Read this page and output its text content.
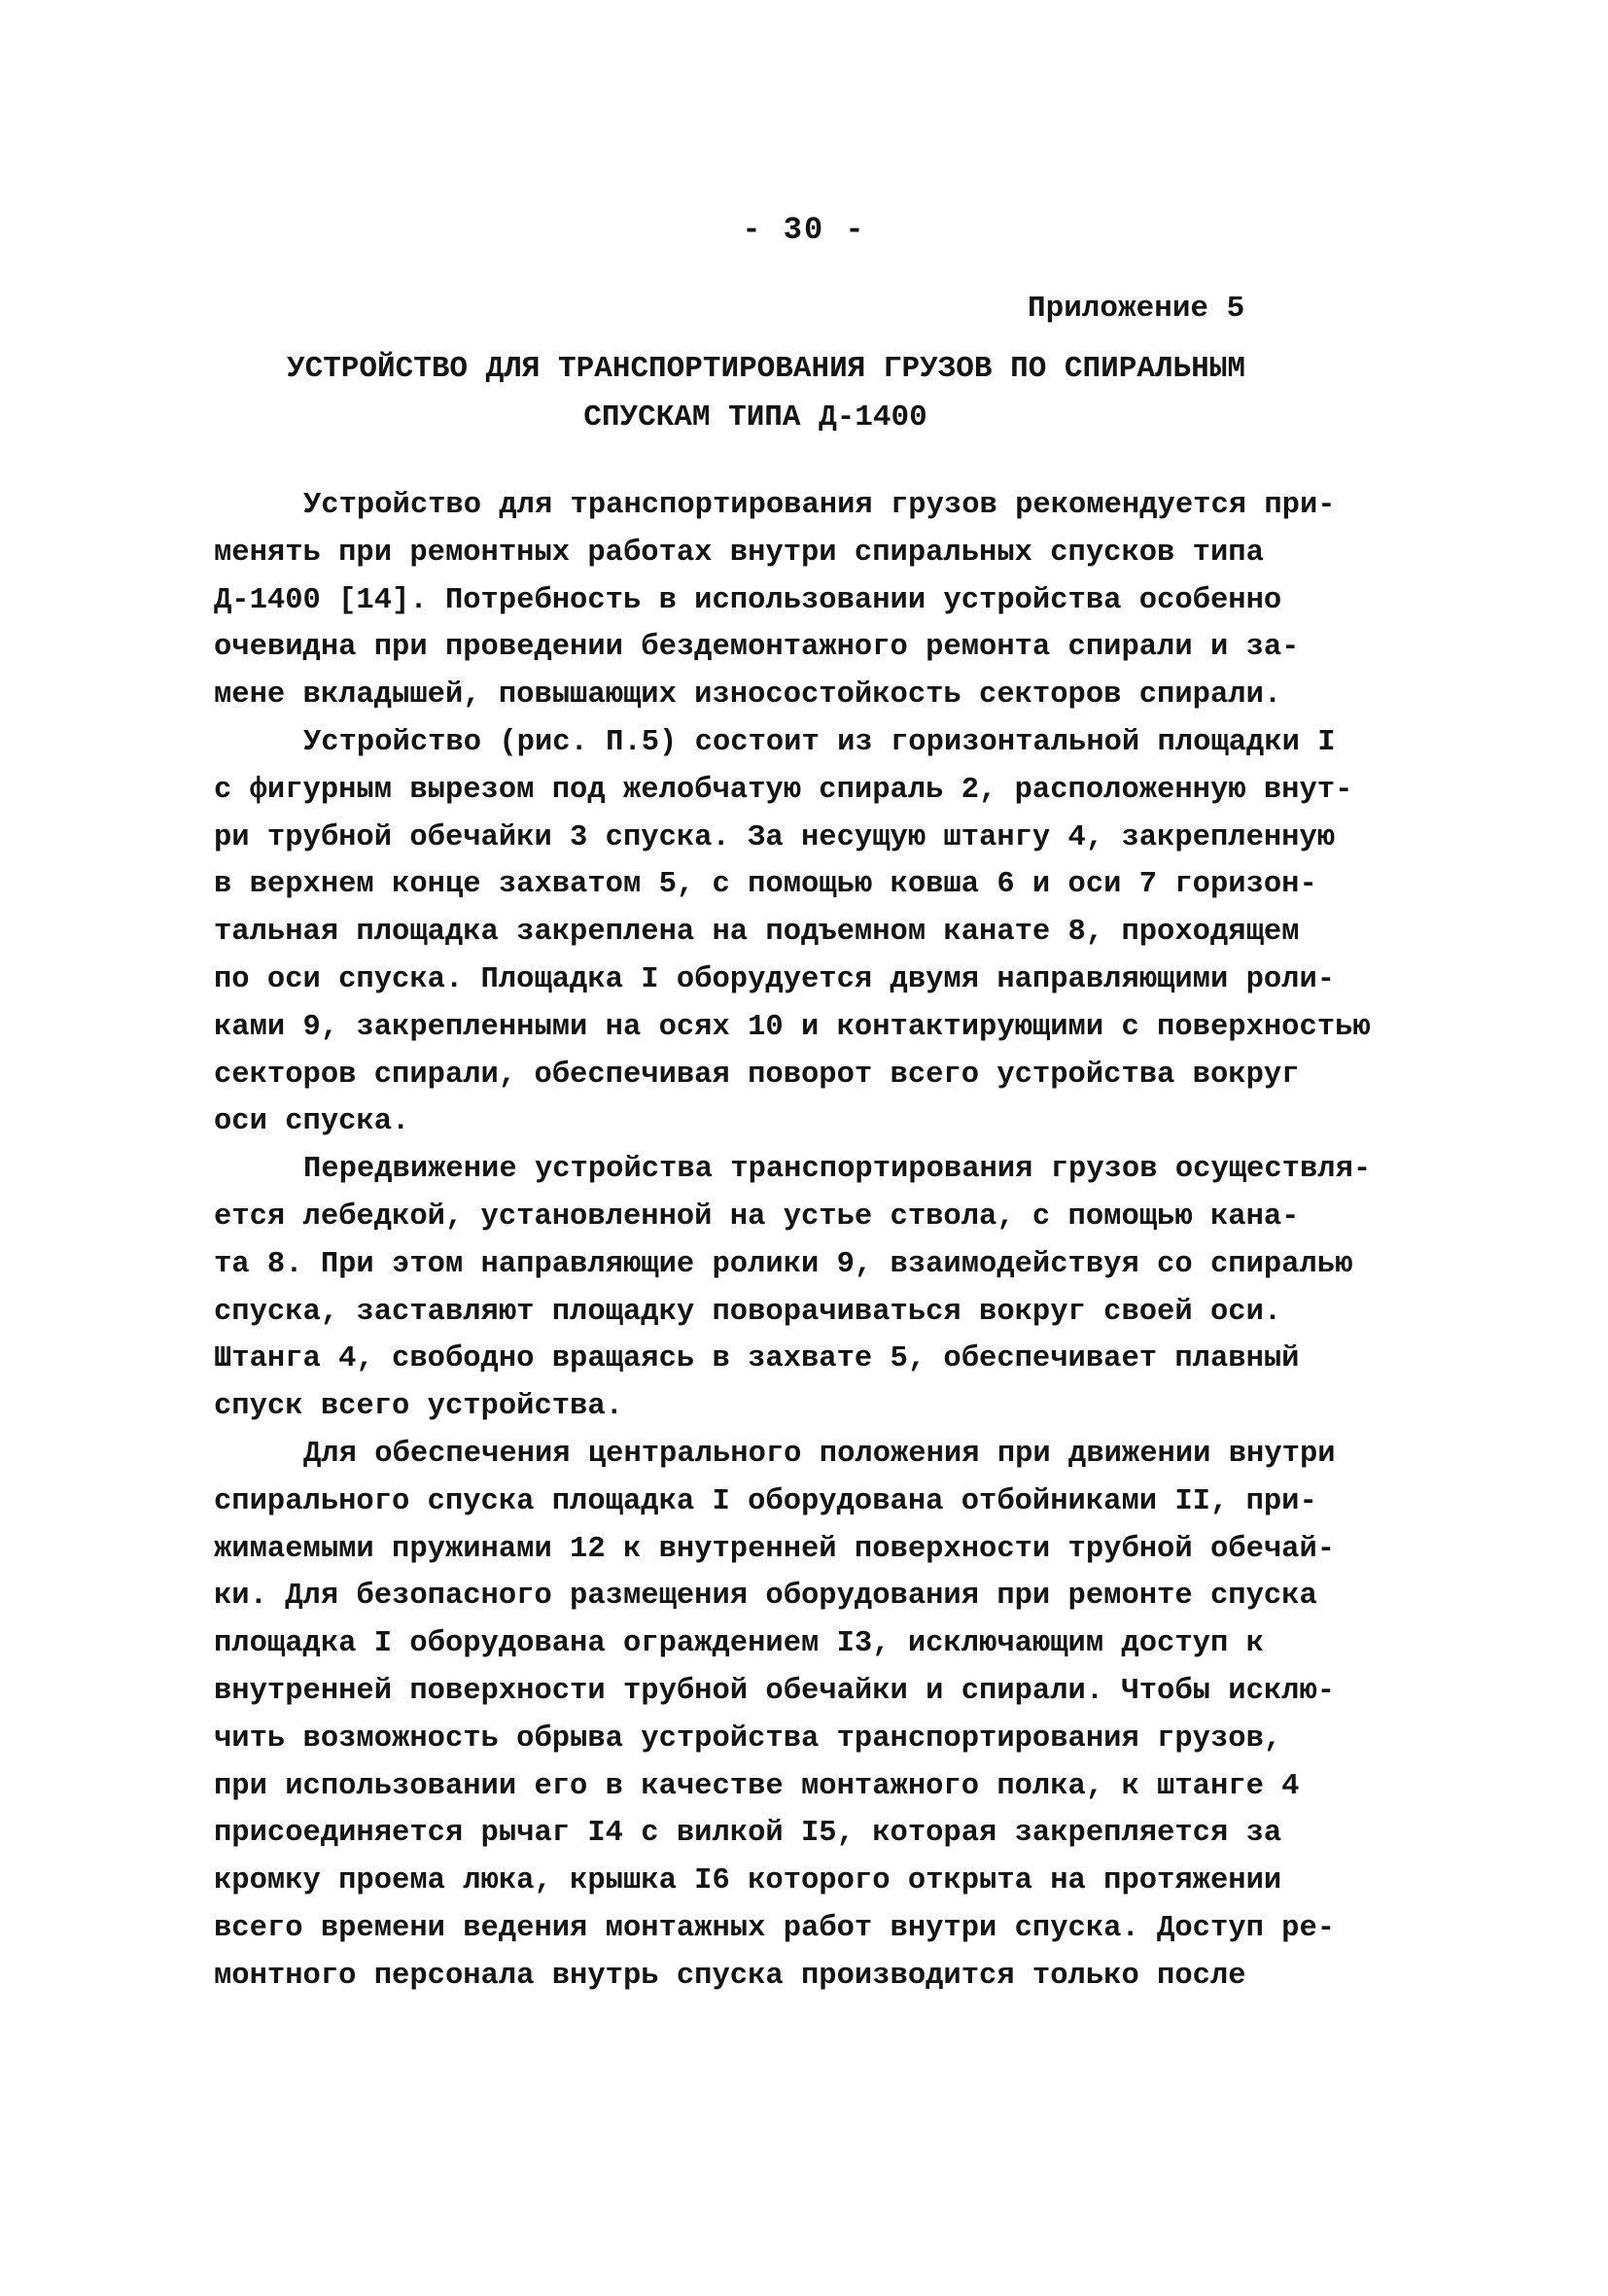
- 30 -
Приложение 5
УСТРОЙСТВО ДЛЯ ТРАНСПОРТИРОВАНИЯ ГРУЗОВ ПО СПИРАЛЬНЫМ
СПУСКАМ ТИПА Д-1400
Устройство для транспортирования грузов рекомендуется при-
менять при ремонтных работах внутри спиральных спусков типа
Д-1400 [14]. Потребность в использовании устройства особенно
очевидна при проведении бездемонтажного ремонта спирали и за-
мене вкладышей, повышающих износостойкость секторов спирали.
Устройство (рис. П.5) состоит из горизонтальной площадки I
с фигурным вырезом под желобчатую спираль 2, расположенную внут-
ри трубной обечайки 3 спуска. За несущую штангу 4, закрепленную
в верхнем конце захватом 5, с помощью ковша 6 и оси 7 горизон-
тальная площадка закреплена на подъемном канате 8, проходящем
по оси спуска. Площадка I оборудуется двумя направляющими роли-
ками 9, закрепленными на осях 10 и контактирующими с поверхностью
секторов спирали, обеспечивая поворот всего устройства вокруг
оси спуска.
Передвижение устройства транспортирования грузов осуществля-
ется лебедкой, установленной на устье ствола, с помощью кана-
та 8. При этом направляющие ролики 9, взаимодействуя со спиралью
спуска, заставляют площадку поворачиваться вокруг своей оси.
Штанга 4, свободно вращаясь в захвате 5, обеспечивает плавный
спуск всего устройства.
Для обеспечения центрального положения при движении внутри
спирального спуска площадка I оборудована отбойниками II, при-
жимаемыми пружинами 12 к внутренней поверхности трубной обечай-
ки. Для безопасного размещения оборудования при ремонте спуска
площадка I оборудована ограждением I3, исключающим доступ к
внутренней поверхности трубной обечайки и спирали. Чтобы исклю-
чить возможность обрыва устройства транспортирования грузов,
при использовании его в качестве монтажного полка, к штанге 4
присоединяется рычаг I4 с вилкой I5, которая закрепляется за
кромку проема люка, крышка I6 которого открыта на протяжении
всего времени ведения монтажных работ внутри спуска. Доступ ре-
монтного персонала внутрь спуска производится только после
